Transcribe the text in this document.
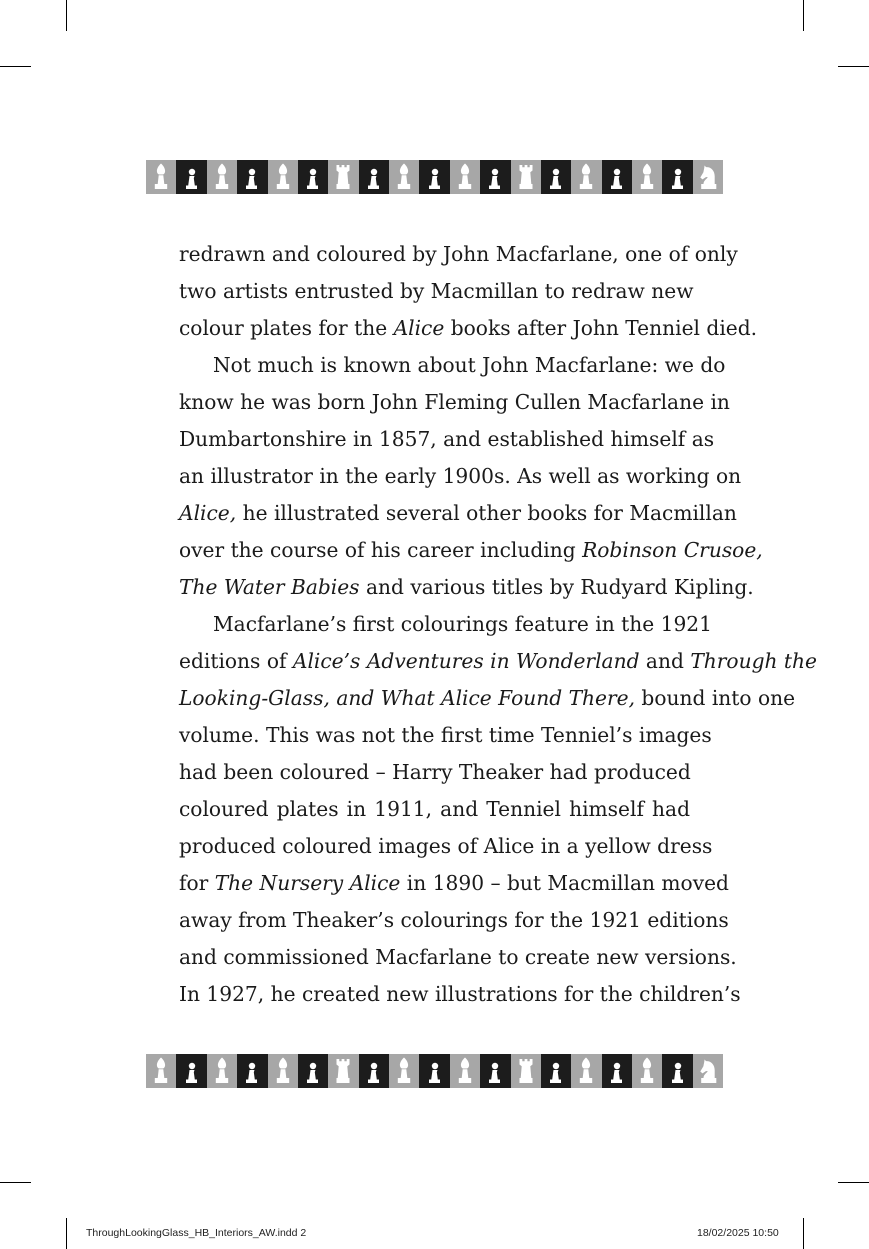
redrawn and coloured by John Macfarlane, one of only
two artists entrusted by Macmillan to redraw new
colour plates for the Alice books after John Tenniel died.

Not much is known about John Macfarlane: we do
know he was born John Fleming Cullen Macfarlane in
Dumbartonshire in 1857, and established himself as
an illustrator in the early 1900s. As well as working on
Alice, he illustrated several other books for Macmillan
over the course of his career including Robinson Crusoe,
The Water Babies and various titles by Rudyard Kipling.

Macfarlane’s first colourings feature in the 1921
editions of Alice’s Adventures in Wonderland and Through the
Looking-Glass, and What Alice Found There, bound into one
volume. This was not the first time Tenniel’s images
had been coloured – Harry Theaker had produced
coloured plates in 1911, and Tenniel himself had
produced coloured images of Alice in a yellow dress
for The Nursery Alice in 1890 – but Macmillan moved
away from Theaker’s colourings for the 1921 editions
and commissioned Macfarlane to create new versions.
In 1927, he created new illustrations for the children’s

ThroughLookingGlass_HB_Interiors_AW.indd 2	18/02/2025 10:50
